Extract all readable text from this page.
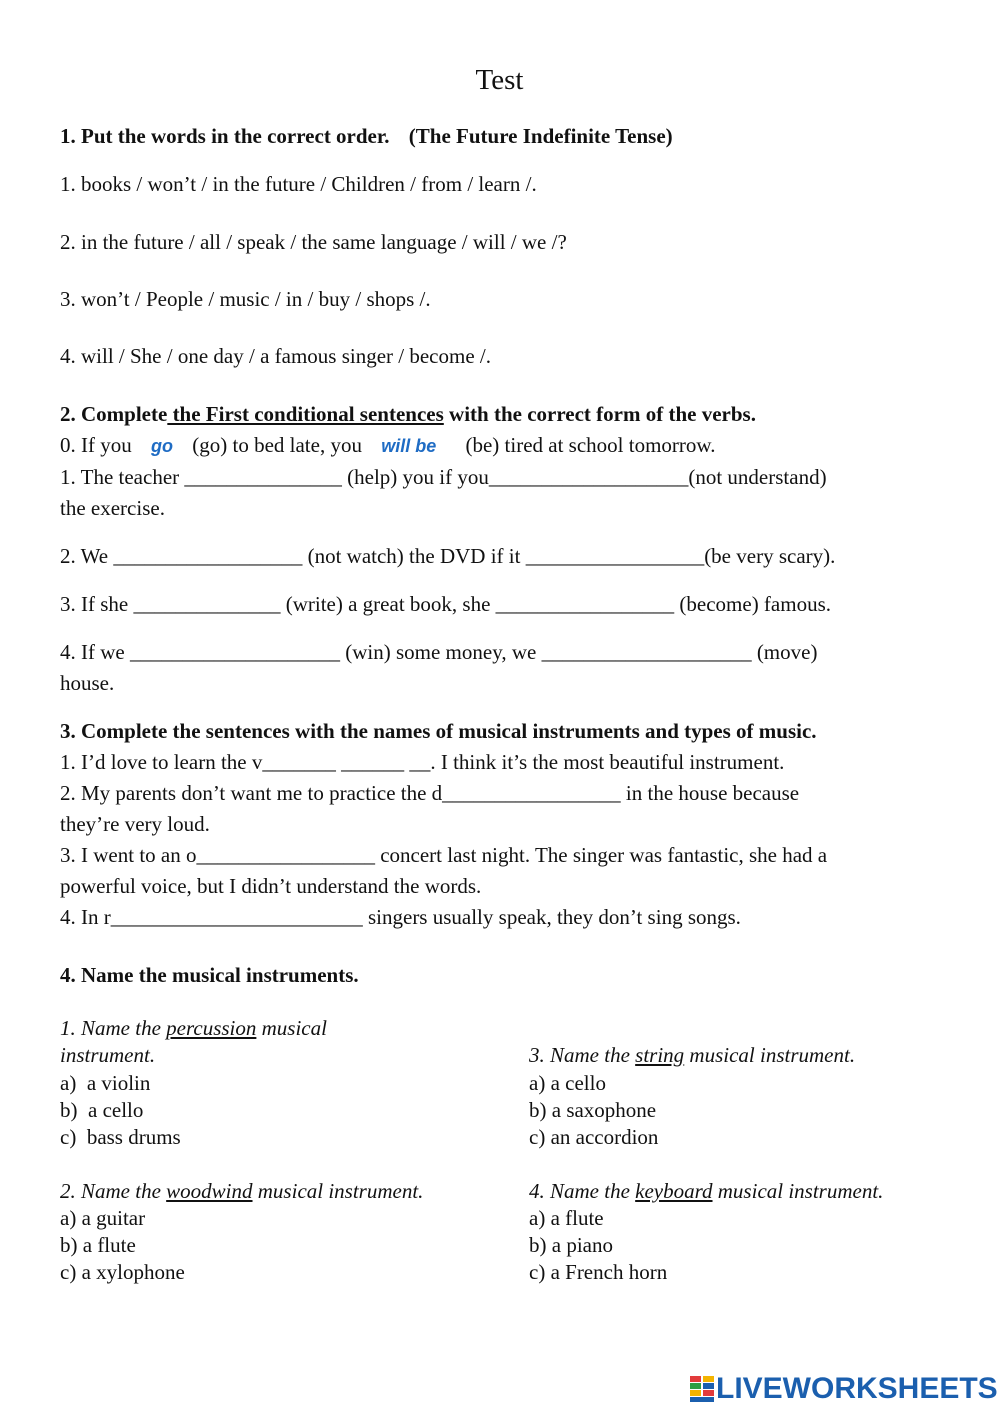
Test
1. Put the words in the correct order. (The Future Indefinite Tense)
1. books / won’t / in the future / Children / from / learn /.
2. in the future / all / speak / the same language / will / we /?
3. won’t / People / music / in / buy / shops /.
4. will / She / one day / a famous singer / become /.
2. Complete the First conditional sentences with the correct form of the verbs.
0. If you go (go) to bed late, you will be (be) tired at school tomorrow.
1. The teacher _______________ (help) you if you___________________(not understand)
the exercise.
2. We __________________ (not watch) the DVD if it _________________(be very scary).
3. If she ______________ (write) a great book, she _________________ (become) famous.
4. If we ____________________ (win) some money, we ____________________ (move)
house.
3. Complete the sentences with the names of musical instruments and types of music.
1. I’d love to learn the v_______ ______ __. I think it’s the most beautiful instrument.
2. My parents don’t want me to practice the d_________________ in the house because
they’re very loud.
3. I went to an o_________________ concert last night. The singer was fantastic, she had a
powerful voice, but I didn’t understand the words.
4. In r________________________ singers usually speak, they don’t sing songs.
4. Name the musical instruments.
1. Name the percussion musical
instrument.
a)  a violin
b)  a cello
c)  bass drums
2. Name the woodwind musical instrument.
a) a guitar
b) a flute
c) a xylophone
3. Name the string musical instrument.
a) a cello
b) a saxophone
c) an accordion
4. Name the keyboard musical instrument.
a) a flute
b) a piano
c) a French horn
LIVEWORKSHEETS
